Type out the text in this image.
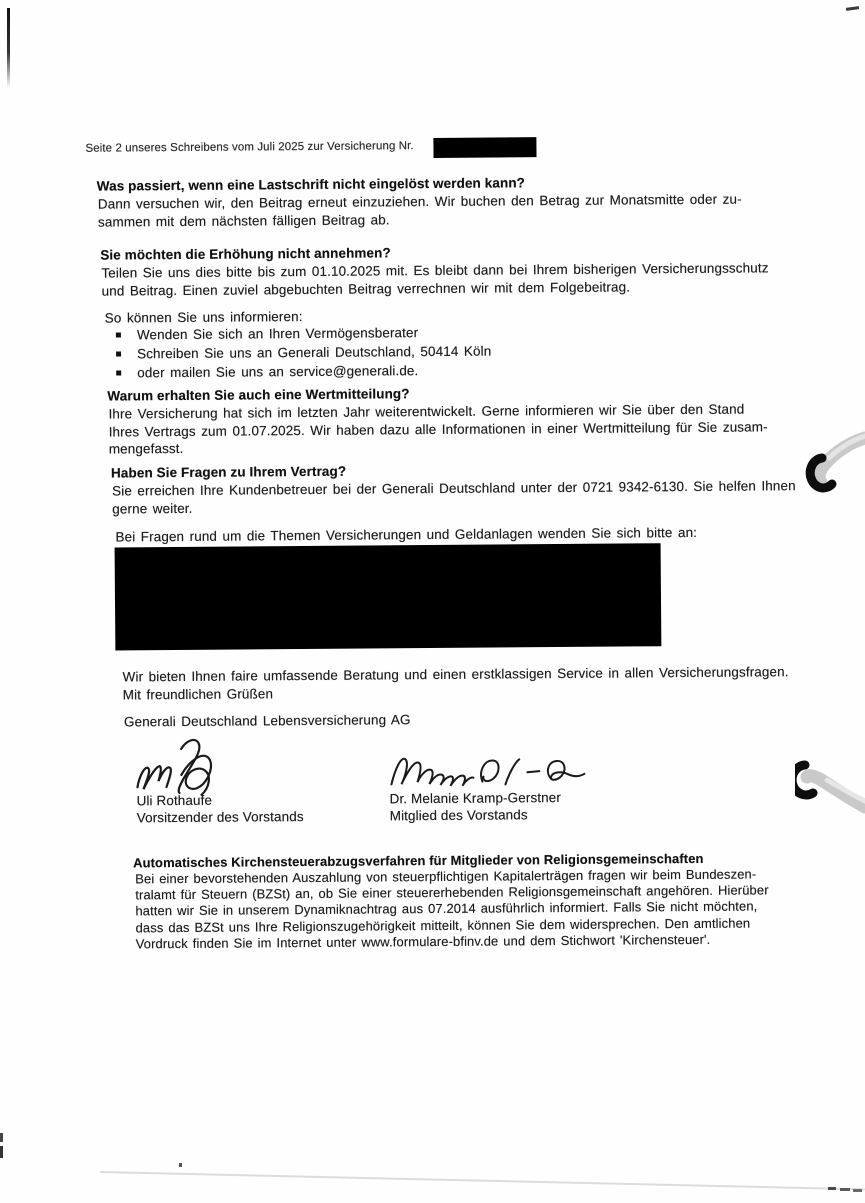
Seite 2 unseres Schreibens vom Juli 2025 zur Versicherung Nr.
Was passiert, wenn eine Lastschrift nicht eingelöst werden kann?
Dann versuchen wir, den Beitrag erneut einzuziehen. Wir buchen den Betrag zur Monatsmitte oder zu-
sammen mit dem nächsten fälligen Beitrag ab.
Sie möchten die Erhöhung nicht annehmen?
Teilen Sie uns dies bitte bis zum 01.10.2025 mit. Es bleibt dann bei Ihrem bisherigen Versicherungsschutz
und Beitrag. Einen zuviel abgebuchten Beitrag verrechnen wir mit dem Folgebeitrag.
So können Sie uns informieren:
Wenden Sie sich an Ihren Vermögensberater
Schreiben Sie uns an Generali Deutschland, 50414 Köln
oder mailen Sie uns an service@generali.de.
Warum erhalten Sie auch eine Wertmitteilung?
Ihre Versicherung hat sich im letzten Jahr weiterentwickelt. Gerne informieren wir Sie über den Stand
Ihres Vertrags zum 01.07.2025. Wir haben dazu alle Informationen in einer Wertmitteilung für Sie zusam-
mengefasst.
Haben Sie Fragen zu Ihrem Vertrag?
Sie erreichen Ihre Kundenbetreuer bei der Generali Deutschland unter der 0721 9342-6130. Sie helfen Ihnen
gerne weiter.
Bei Fragen rund um die Themen Versicherungen und Geldanlagen wenden Sie sich bitte an:
Wir bieten Ihnen faire umfassende Beratung und einen erstklassigen Service in allen Versicherungsfragen.
Mit freundlichen Grüßen
Generali Deutschland Lebensversicherung AG
Uli Rothaufe
Vorsitzender des Vorstands
Dr. Melanie Kramp-Gerstner
Mitglied des Vorstands
Automatisches Kirchensteuerabzugsverfahren für Mitglieder von Religionsgemeinschaften
Bei einer bevorstehenden Auszahlung von steuerpflichtigen Kapitalerträgen fragen wir beim Bundeszen-
tralamt für Steuern (BZSt) an, ob Sie einer steuererhebenden Religionsgemeinschaft angehören. Hierüber
hatten wir Sie in unserem Dynamiknachtrag aus 07.2014 ausführlich informiert. Falls Sie nicht möchten,
dass das BZSt uns Ihre Religionszugehörigkeit mitteilt, können Sie dem widersprechen. Den amtlichen
Vordruck finden Sie im Internet unter www.formulare-bfinv.de und dem Stichwort 'Kirchensteuer'.
